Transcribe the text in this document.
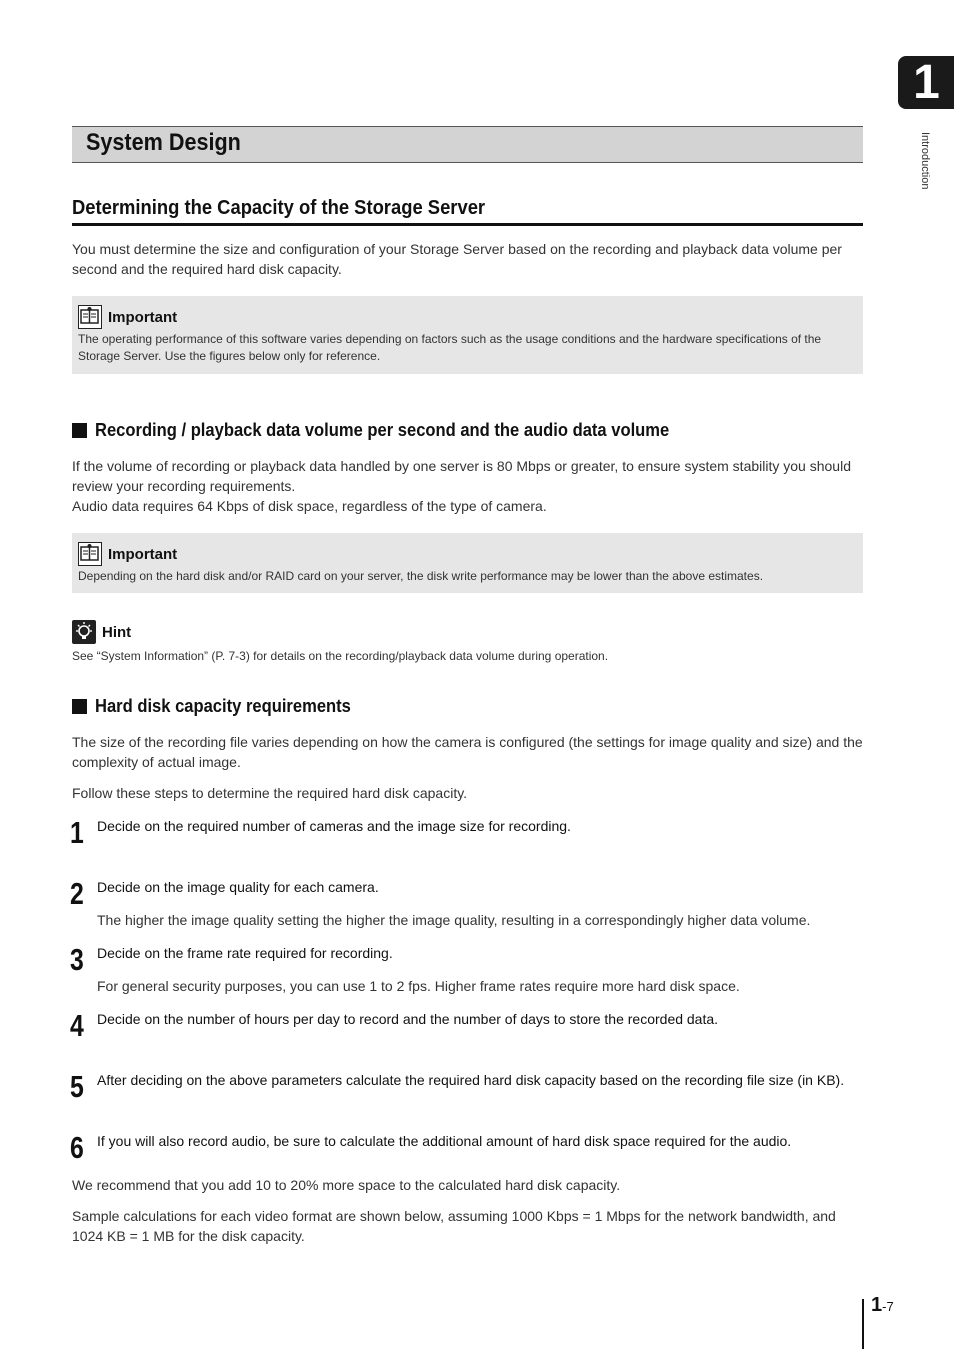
1
Introduction
System Design
Determining the Capacity of the Storage Server

You must determine the size and configuration of your Storage Server based on the recording and playback data volume per second and the required hard disk capacity.

Important

The operating performance of this software varies depending on factors such as the usage conditions and the hardware specifications of the Storage Server. Use the figures below only for reference.

Recording / playback data volume per second and the audio data volume

If the volume of recording or playback data handled by one server is 80 Mbps or greater, to ensure system stability you should review your recording requirements.

Audio data requires 64 Kbps of disk space, regardless of the type of camera.

Important

Depending on the hard disk and/or RAID card on your server, the disk write performance may be lower than the above estimates.

Hint

See “System Information” (P. 7-3) for details on the recording/playback data volume during operation.

Hard disk capacity requirements

The size of the recording file varies depending on how the camera is configured (the settings for image quality and size) and the complexity of actual image.

Follow these steps to determine the required hard disk capacity.

1 Decide on the required number of cameras and the image size for recording.
2 Decide on the image quality for each camera.
The higher the image quality setting the higher the image quality, resulting in a correspondingly higher data volume.
3 Decide on the frame rate required for recording.
For general security purposes, you can use 1 to 2 fps. Higher frame rates require more hard disk space.
4 Decide on the number of hours per day to record and the number of days to store the recorded data.
5 After deciding on the above parameters calculate the required hard disk capacity based on the recording file size (in KB).
6 If you will also record audio, be sure to calculate the additional amount of hard disk space required for the audio.

We recommend that you add 10 to 20% more space to the calculated hard disk capacity.

Sample calculations for each video format are shown below, assuming 1000 Kbps = 1 Mbps for the network bandwidth, and 1024 KB = 1 MB for the disk capacity.

1-7
